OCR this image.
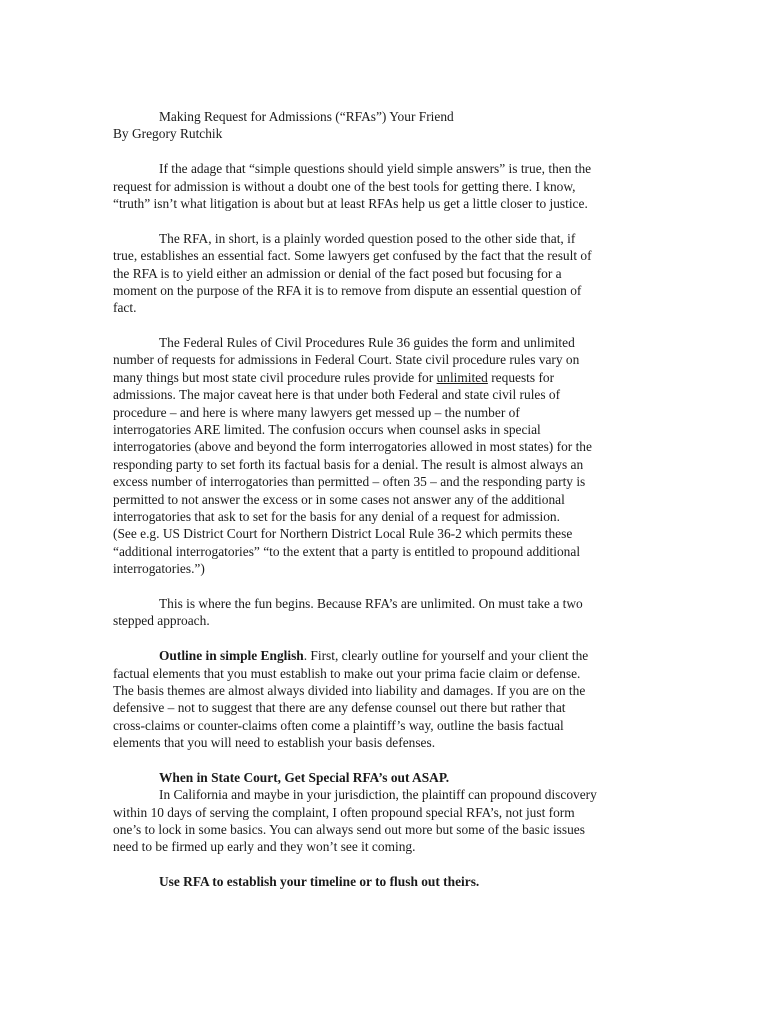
Making Request for Admissions (“RFAs”) Your Friend
By Gregory Rutchik
If the adage that “simple questions should yield simple answers” is true, then the
request for admission is without a doubt one of the best tools for getting there. I know,
“truth” isn’t what litigation is about but at least RFAs help us get a little closer to justice.
The RFA, in short, is a plainly worded question posed to the other side that, if
true, establishes an essential fact. Some lawyers get confused by the fact that the result of
the RFA is to yield either an admission or denial of the fact posed but focusing for a
moment on the purpose of the RFA it is to remove from dispute an essential question of
fact.
The Federal Rules of Civil Procedures Rule 36 guides the form and unlimited
number of requests for admissions in Federal Court. State civil procedure rules vary on
many things but most state civil procedure rules provide for unlimited requests for
admissions. The major caveat here is that under both Federal and state civil rules of
procedure – and here is where many lawyers get messed up – the number of
interrogatories ARE limited. The confusion occurs when counsel asks in special
interrogatories (above and beyond the form interrogatories allowed in most states) for the
responding party to set forth its factual basis for a denial. The result is almost always an
excess number of interrogatories than permitted – often 35 – and the responding party is
permitted to not answer the excess or in some cases not answer any of the additional
interrogatories that ask to set for the basis for any denial of a request for admission.
(See e.g. US District Court for Northern District Local Rule 36-2 which permits these
“additional interrogatories” “to the extent that a party is entitled to propound additional
interrogatories.”)
This is where the fun begins. Because RFA’s are unlimited. On must take a two
stepped approach.
Outline in simple English. First, clearly outline for yourself and your client the
factual elements that you must establish to make out your prima facie claim or defense.
The basis themes are almost always divided into liability and damages. If you are on the
defensive – not to suggest that there are any defense counsel out there but rather that
cross-claims or counter-claims often come a plaintiff’s way, outline the basis factual
elements that you will need to establish your basis defenses.
When in State Court, Get Special RFA’s out ASAP.
In California and maybe in your jurisdiction, the plaintiff can propound discovery
within 10 days of serving the complaint, I often propound special RFA’s, not just form
one’s to lock in some basics. You can always send out more but some of the basic issues
need to be firmed up early and they won’t see it coming.
Use RFA to establish your timeline or to flush out theirs.
